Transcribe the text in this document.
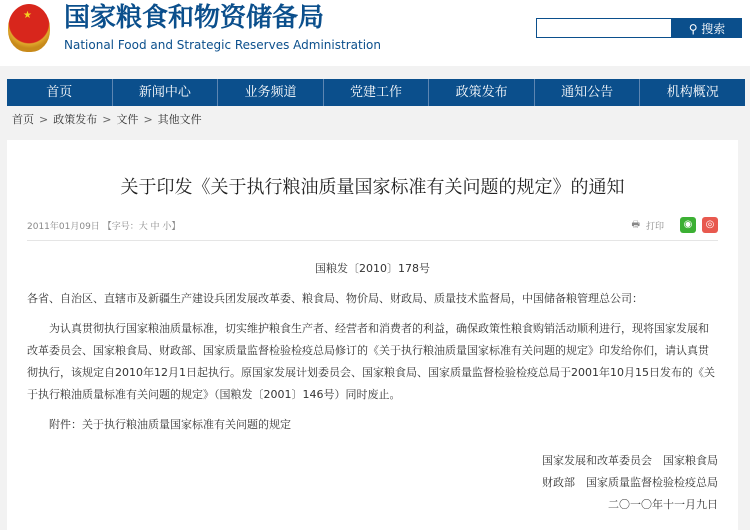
★ 国家粮食和物资储备局
National Food and Strategic Reserves Administration
⚲ 搜索
首页	新闻中心	业务频道	党建工作	政策发布	通知公告	机构概况
首页 > 政策发布 > 文件 > 其他文件
关于印发《关于执行粮油质量国家标准有关问题的规定》的通知
2011年01月09日 【字号：大 中 小】	🖶 打印	◉	◎
国粮发〔2010〕178号

各省、自治区、直辖市及新疆生产建设兵团发展改革委、粮食局、物价局、财政局、质量技术监督局，中国储备粮管理总公司：

为认真贯彻执行国家粮油质量标准，切实维护粮食生产者、经营者和消费者的利益，确保政策性粮食购销活动顺利进行，现将国家发展和改革委员会、国家粮食局、财政部、国家质量监督检验检疫总局修订的《关于执行粮油质量国家标准有关问题的规定》印发给你们，请认真贯彻执行，该规定自2010年12月1日起执行。原国家发展计划委员会、国家粮食局、国家质量监督检验检疫总局于2001年10月15日发布的《关于执行粮油质量标准有关问题的规定》（国粮发〔2001〕146号）同时废止。

附件：关于执行粮油质量国家标准有关问题的规定

国家发展和改革委员会　国家粮食局
财政部　国家质量监督检验检疫总局
二〇一〇年十一月九日
